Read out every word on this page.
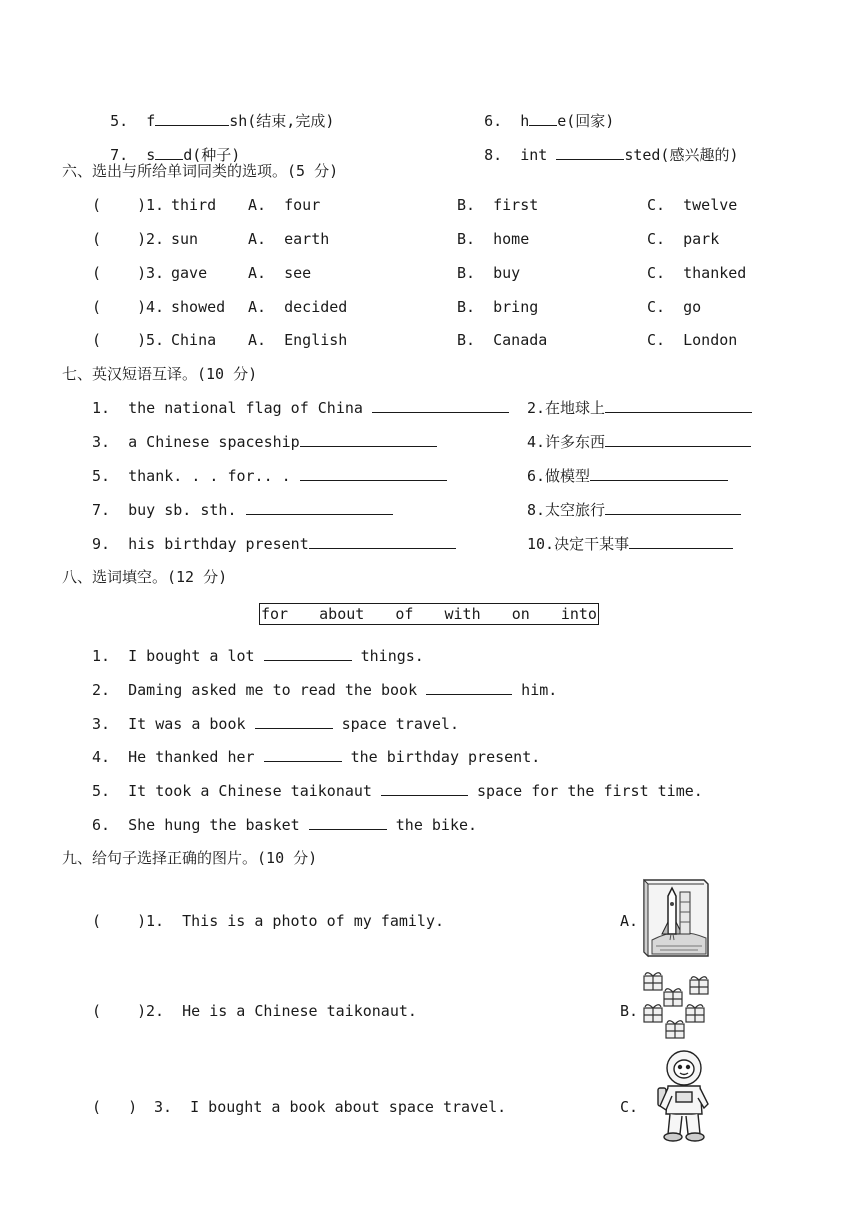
5. f	sh(结束,完成)	6. h e(回家)

7. s d(种子)	8. int	sted(感兴趣的)

六、选出与所给单词同类的选项。(5 分)
(    ) 1. third A.  four	B.  first	C.  twelve
(    ) 2. sun	A.  earth	B.  home	C.  park
(    ) 3. gave	A.  see	B.  buy	C.  thanked
(    ) 4. showed A.  decided	B.  bring	C.  go
(    ) 5. China A.  English	B.  Canada	C.  London
七、英汉短语互译。(10 分)
1.  the national flag of China	2.在地球上
3.  a Chinese spaceship	4.许多东西
5.  thank. . . for.. .	6.做模型
7.  buy sb. sth.	8.太空旅行
9.  his birthday present	10.决定干某事
八、选词填空。(12 分)
for about of with on into
1.  I bought a lot	things.
2.  Daming asked me to read the book	him.
3.  It was a book	space travel.
4.  He thanked her	the birthday present.
5.  It took a Chinese taikonaut	space for the first time.
6.  She hung the basket	the bike.
九、给句子选择正确的图片。(10 分)
(    ) 1.  This is a photo of my family.	A.
(    ) 2.  He is a Chinese taikonaut.	B.
(   ) 3.  I bought a book about space travel.	C.
